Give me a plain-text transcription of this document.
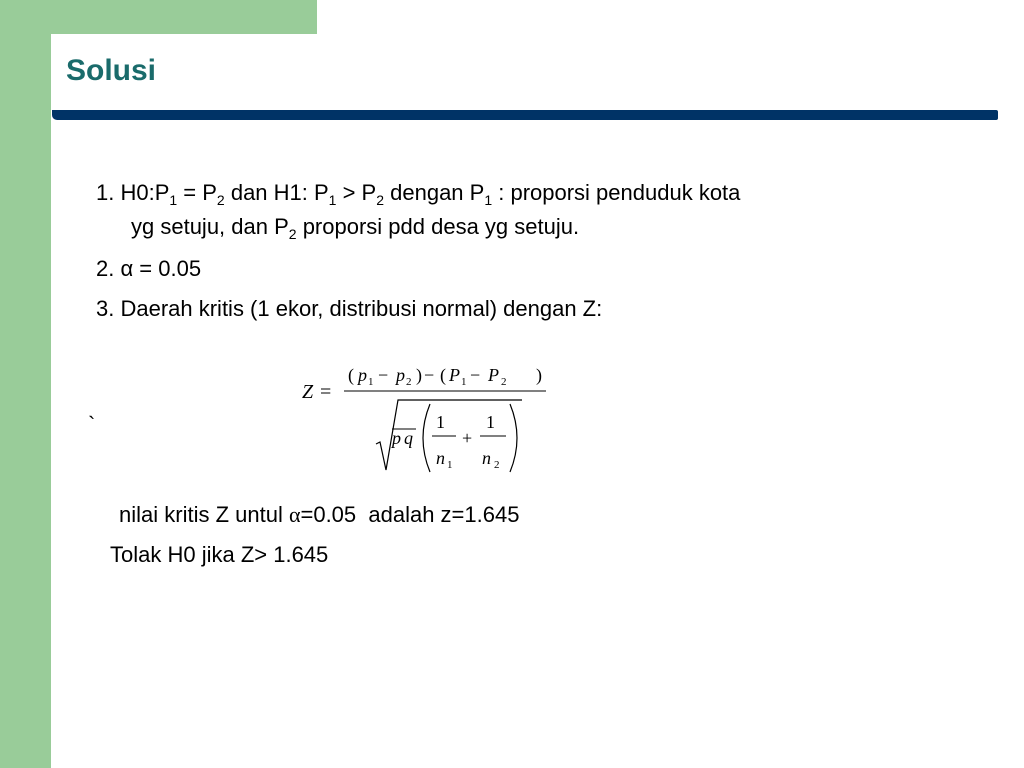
Solusi
1. $H0:P_1 = P_2$ dan H1: $P_1 > P_2$ dengan $P_1$ : proporsi penduduk kota
yg setuju, dan $P_2$ proporsi pdd desa yg setuju.
2. α = 0.05
3. Daerah kritis (1 ekor, distribusi normal) dengan Z:
`
Z =
( p 1 − p 2 ) − ( P 1 − P 2 )
p q
1
n 1
+
1
n 2
nilai kritis Z untul α=0.05  adalah z=1.645
Tolak H0 jika Z> 1.645
